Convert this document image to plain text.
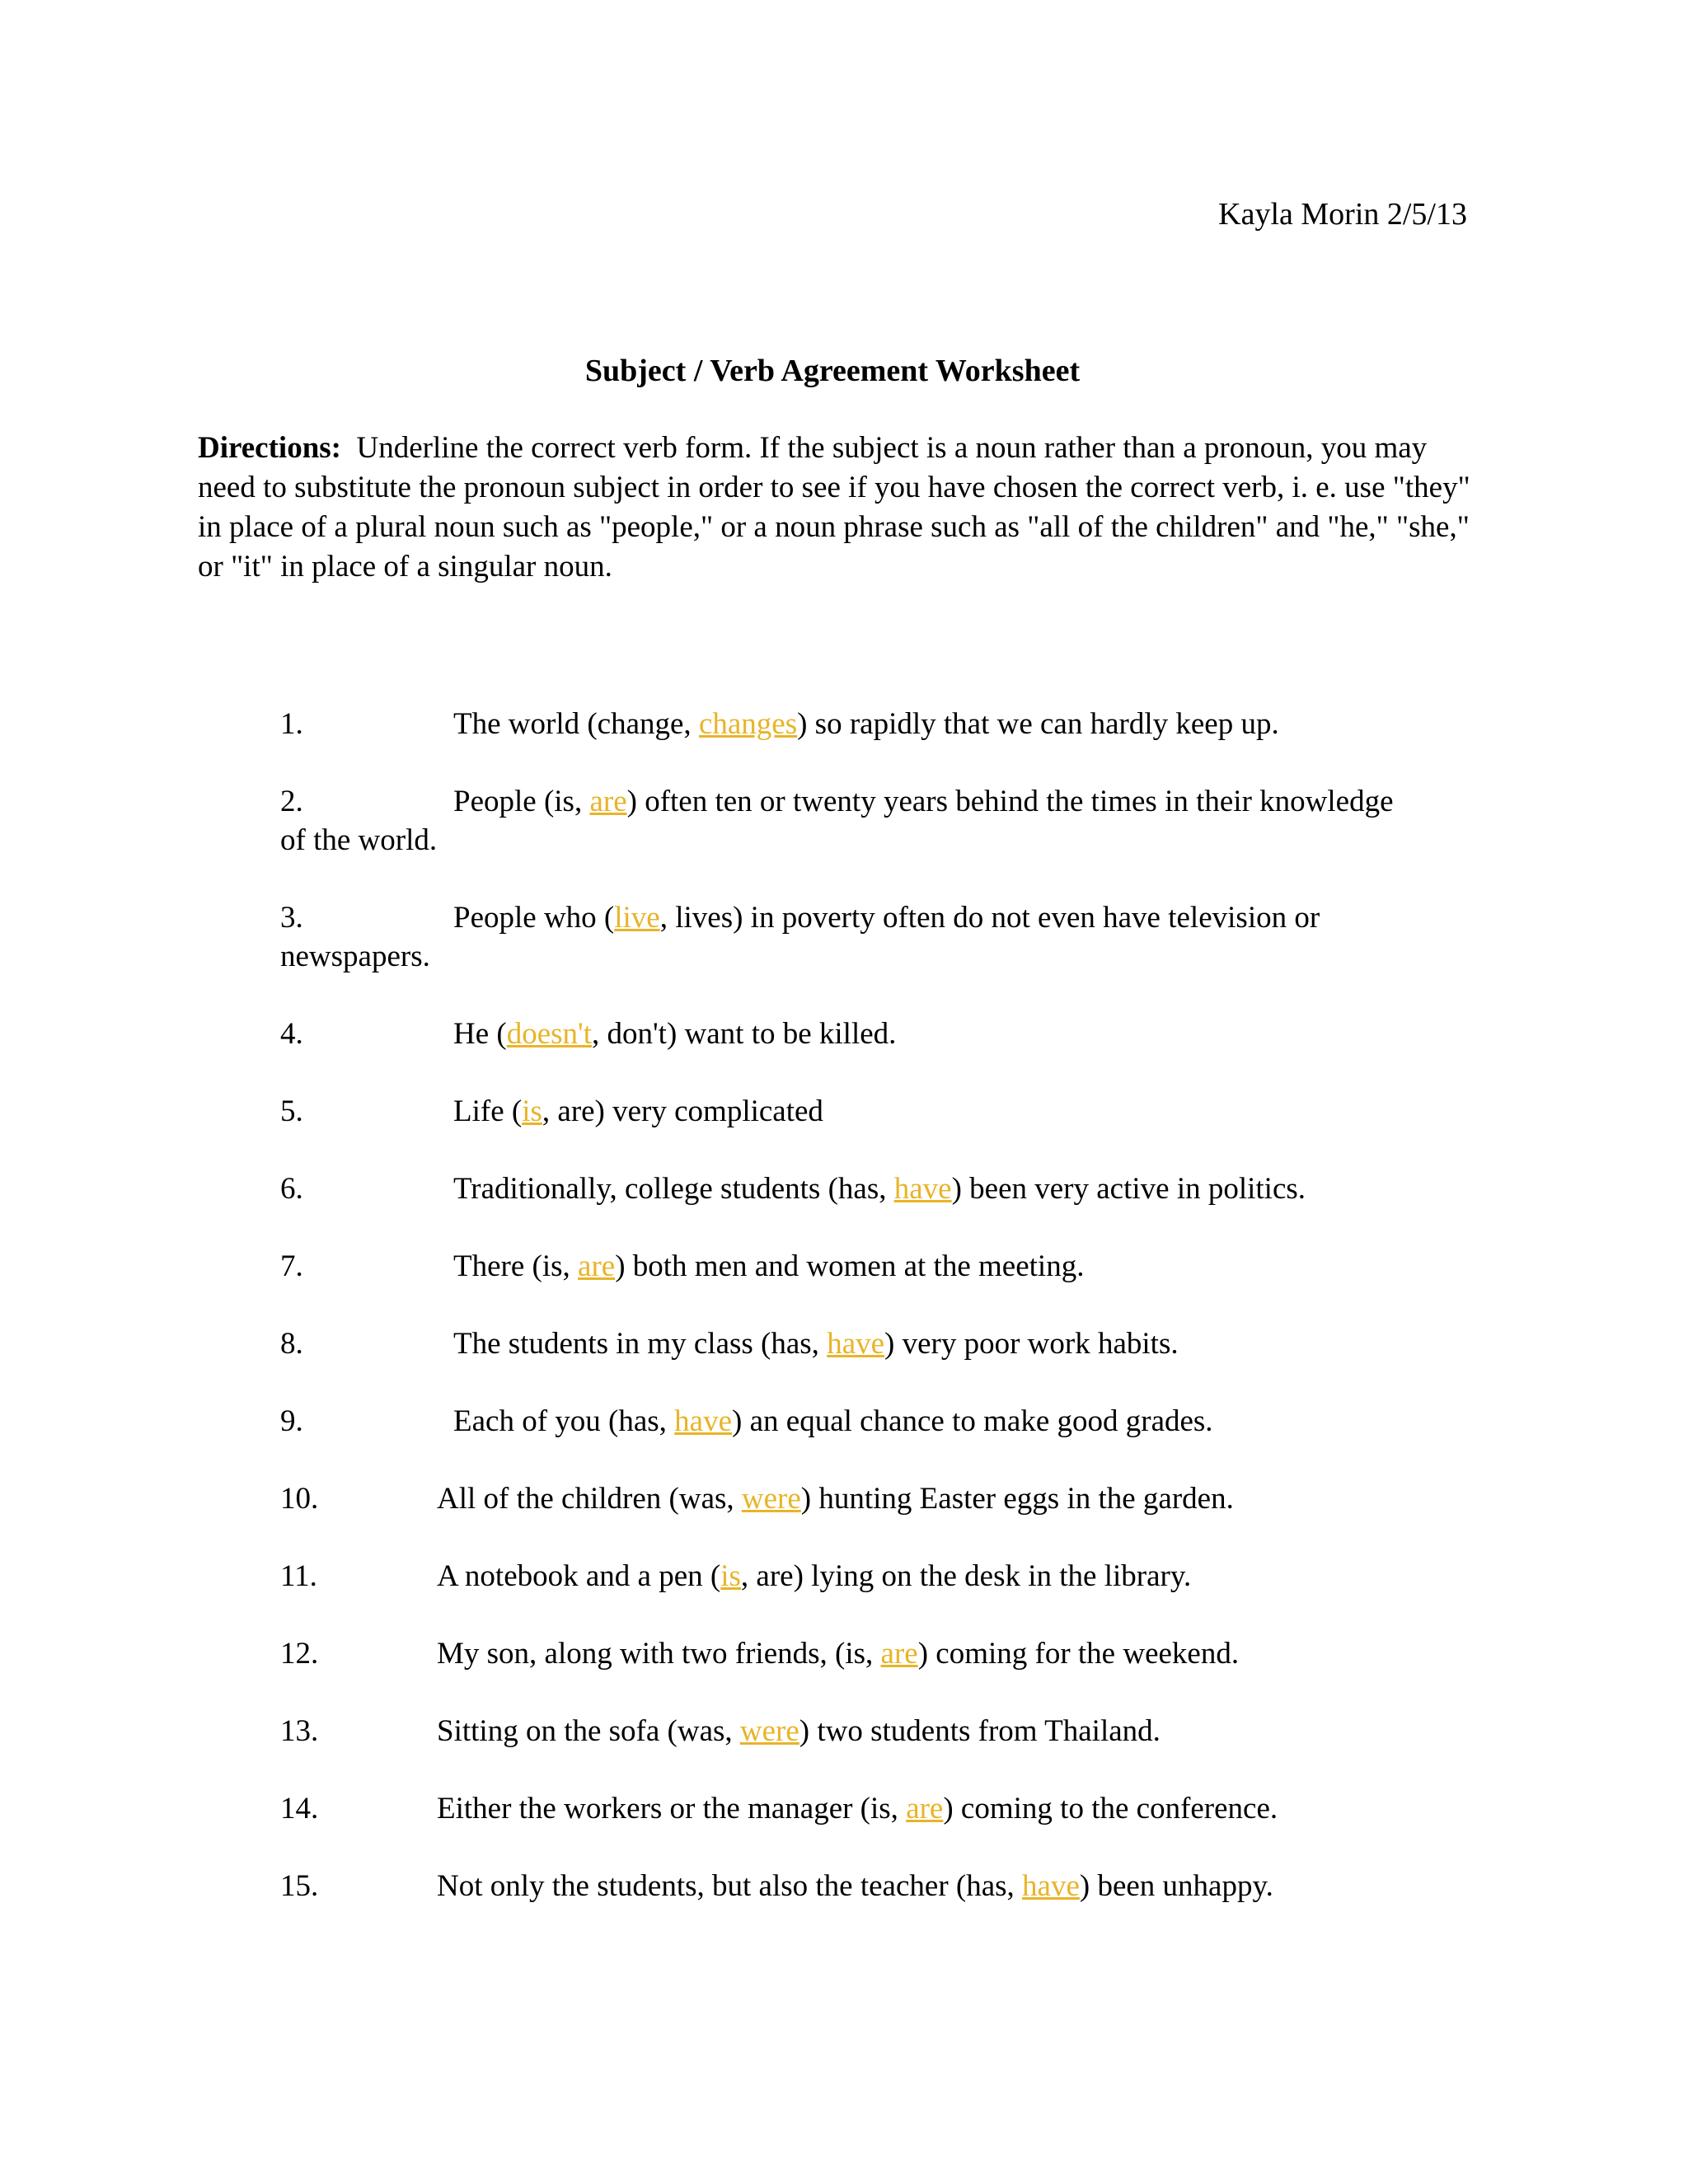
Kayla Morin 2/5/13
Subject / Verb Agreement Worksheet
Directions: Underline the correct verb form. If the subject is a noun rather than a pronoun, you may need to substitute the pronoun subject in order to see if you have chosen the correct verb, i. e. use "they" in place of a plural noun such as "people," or a noun phrase such as "all of the children" and "he," "she," or "it" in place of a singular noun.
1.	The world (change, changes) so rapidly that we can hardly keep up.
2.	People (is, are) often ten or twenty years behind the times in their knowledge
of the world.
3.	People who (live, lives) in poverty often do not even have television or
newspapers.
4.	He (doesn't, don't) want to be killed.
5.	Life (is, are) very complicated
6.	Traditionally, college students (has, have) been very active in politics.
7.	There (is, are) both men and women at the meeting.
8.	The students in my class (has, have) very poor work habits.
9.	Each of you (has, have) an equal chance to make good grades.
10.	All of the children (was, were) hunting Easter eggs in the garden.
11.	A notebook and a pen (is, are) lying on the desk in the library.
12.	My son, along with two friends, (is, are) coming for the weekend.
13.	Sitting on the sofa (was, were) two students from Thailand.
14.	Either the workers or the manager (is, are) coming to the conference.
15.	Not only the students, but also the teacher (has, have) been unhappy.
